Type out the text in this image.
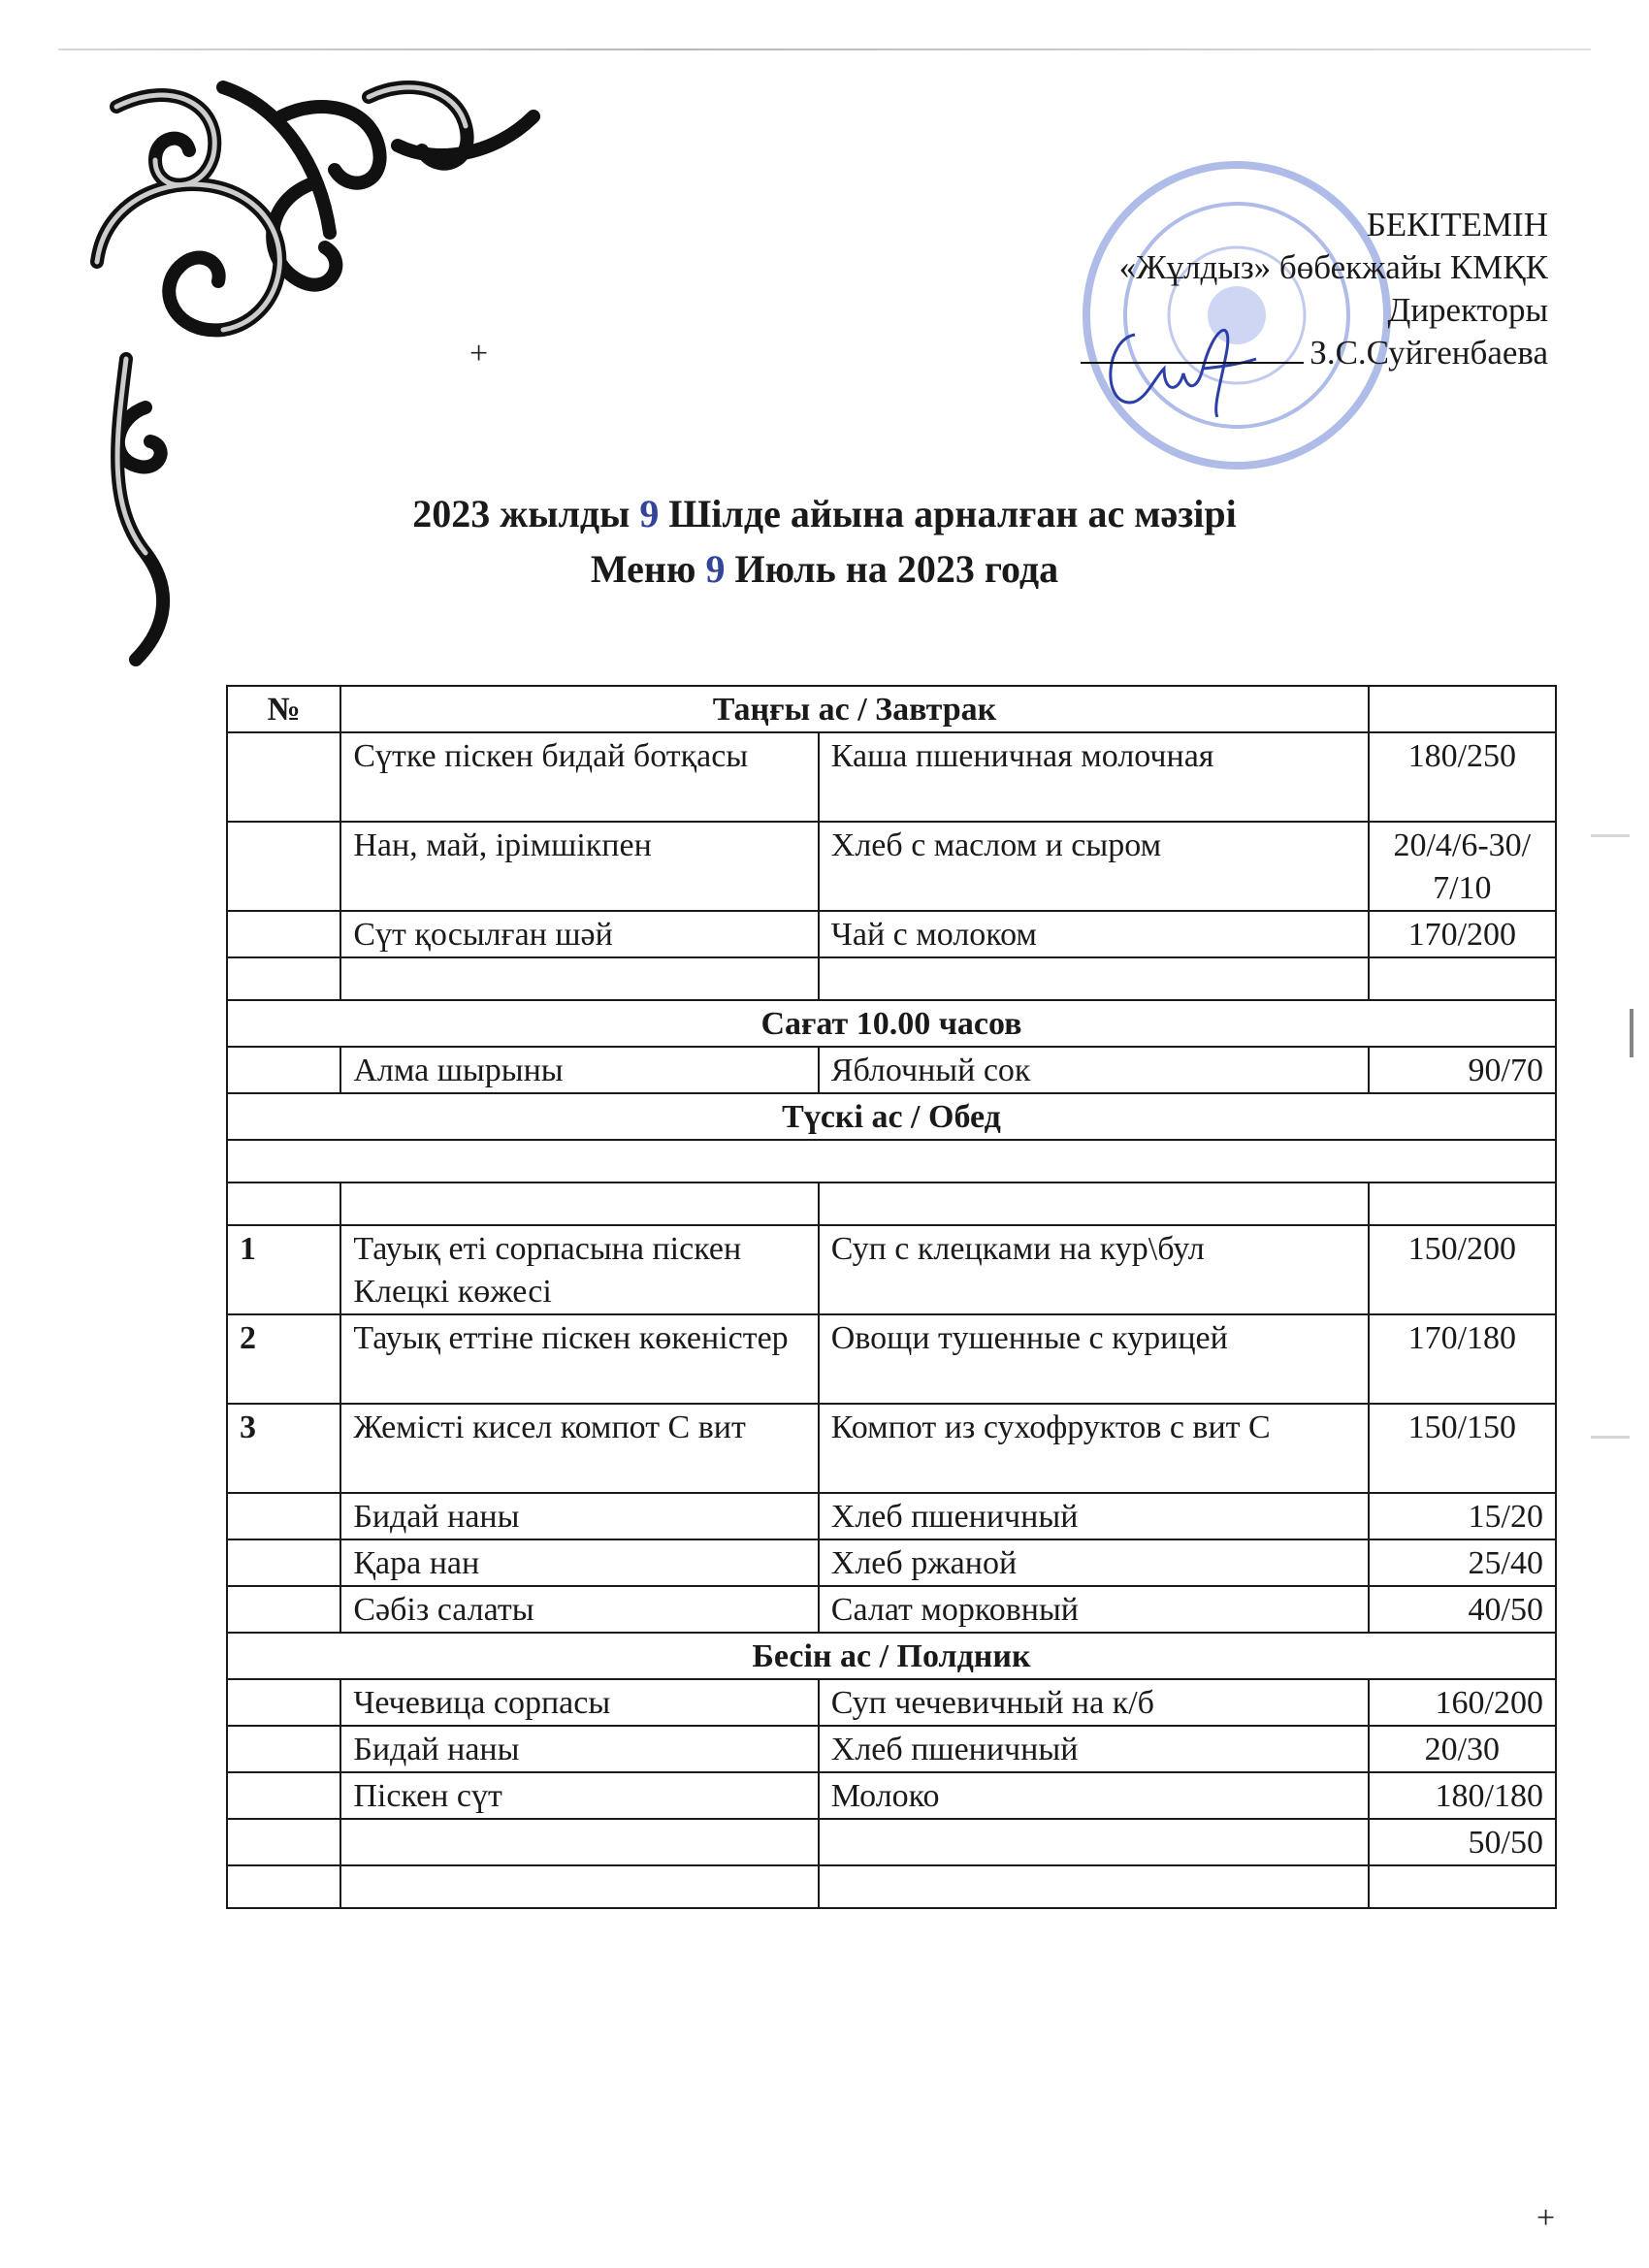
+
+
БЕКІТЕМІН
«Жұлдыз» бөбекжайы КМҚК
Директоры
З.С.Суйгенбаева
2023 жылды 9 Шілде айына арналған ас мәзірі
Меню 9 Июль на 2023 года
№	Таңғы ас / Завтрак		
	Сүтке піскен бидай ботқасы	Каша пшеничная молочная	180/250
	Нан, май, ірімшікпен	Хлеб с маслом и сыром	20/4/6-30/7/10
	Сүт қосылған шәй	Чай с молоком	170/200

Сағат 10.00 часов			
	Алма шырыны	Яблочный сок	90/70
Түскі ас / Обед			

1	Тауық еті сорпасына піскен Клецкі көжесі	Суп с клецками на кур\бул	150/200
2	Тауық еттіне піскен көкеністер	Овощи тушенные с курицей	170/180
3	Жемісті кисел компот С вит	Компот из сухофруктов с вит С	150/150
	Бидай наны	Хлеб пшеничный	15/20
	Қара нан	Хлеб ржаной	25/40
	Сәбіз салаты	Салат морковный	40/50
Бесін ас / Полдник			
	Чечевица сорпасы	Суп чечевичный на к/б	160/200
	Бидай наны	Хлеб пшеничный	20/30
	Піскен сүт	Молоко	180/180
			50/50
